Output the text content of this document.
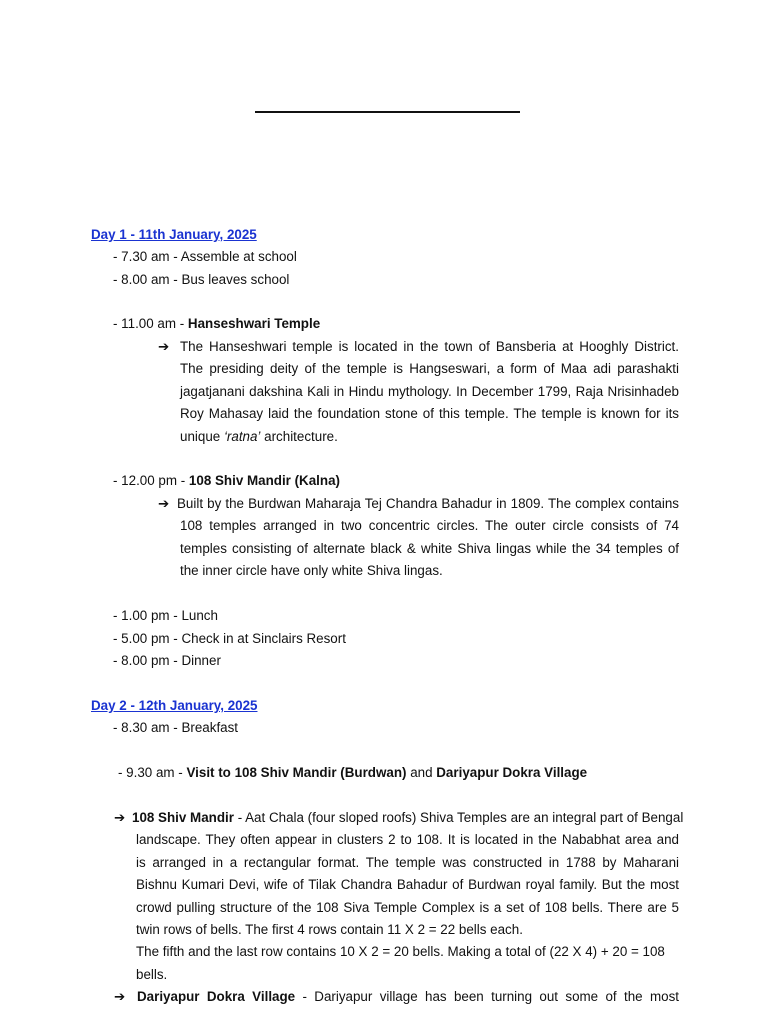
Day 1 - 11th January, 2025
- 7.30 am - Assemble at school
- 8.00 am - Bus leaves school
- 11.00 am - Hanseshwari Temple
➔ The Hanseshwari temple is located in the town of Bansberia at Hooghly District.
The presiding deity of the temple is Hangseswari, a form of Maa adi parashakti
jagatjanani dakshina Kali in Hindu mythology. In December 1799, Raja Nrisinhadeb
Roy Mahasay laid the foundation stone of this temple. The temple is known for its
unique ‘ratna’ architecture.
- 12.00 pm - 108 Shiv Mandir (Kalna)
➔ Built by the Burdwan Maharaja Tej Chandra Bahadur in 1809. The complex contains
108 temples arranged in two concentric circles. The outer circle consists of 74
temples consisting of alternate black & white Shiva lingas while the 34 temples of
the inner circle have only white Shiva lingas.
- 1.00 pm - Lunch
- 5.00 pm - Check in at Sinclairs Resort
- 8.00 pm - Dinner
Day 2 - 12th January, 2025
- 8.30 am - Breakfast
- 9.30 am - Visit to 108 Shiv Mandir (Burdwan) and Dariyapur Dokra Village
➔ 108 Shiv Mandir - Aat Chala (four sloped roofs) Shiva Temples are an integral part of Bengal
landscape. They often appear in clusters 2 to 108. It is located in the Nababhat area and
is arranged in a rectangular format. The temple was constructed in 1788 by Maharani
Bishnu Kumari Devi, wife of Tilak Chandra Bahadur of Burdwan royal family. But the most
crowd pulling structure of the 108 Siva Temple Complex is a set of 108 bells. There are 5
twin rows of bells. The first 4 rows contain 11 X 2 = 22 bells each.
The fifth and the last row contains 10 X 2 = 20 bells. Making a total of (22 X 4) + 20 = 108
bells.
➔ Dariyapur Dokra Village - Dariyapur village has been turning out some of the most
